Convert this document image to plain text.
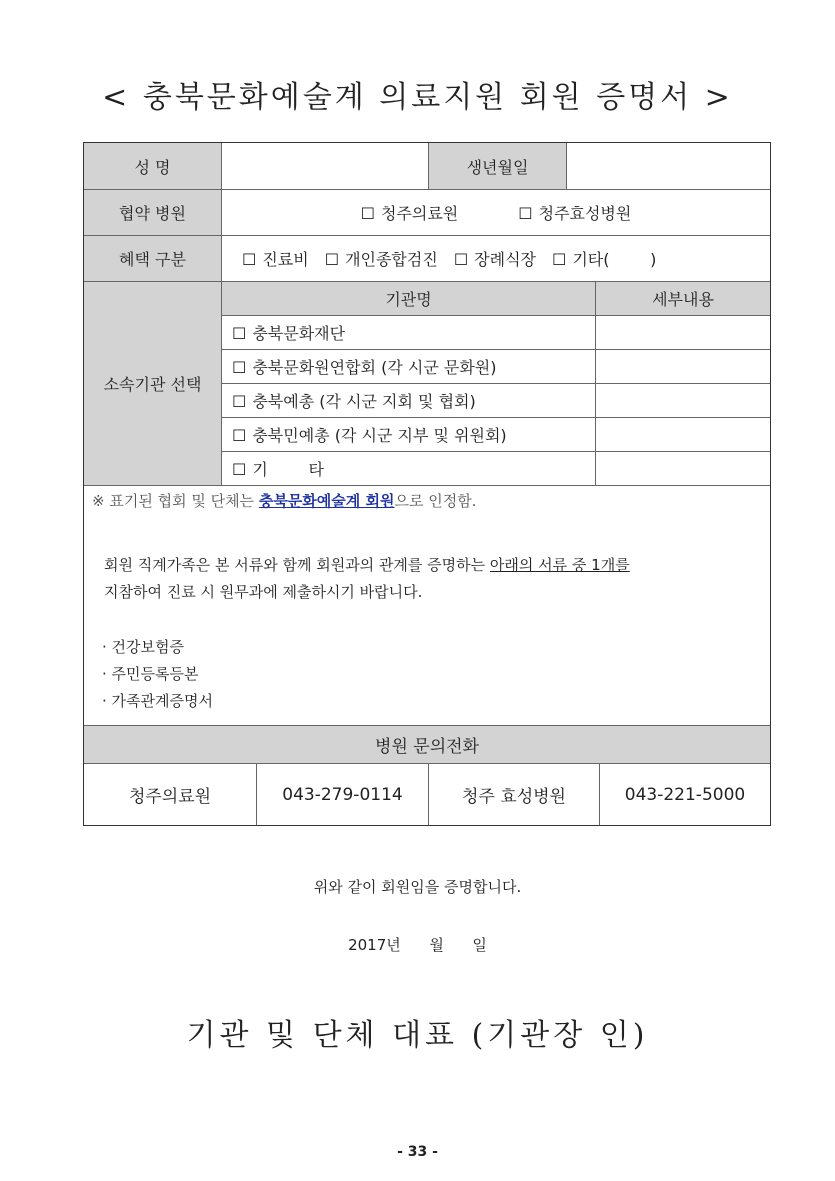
< 충북문화예술계 의료지원 회원 증명서 >
성 명	생년월일
협약 병원	☐ 청주의료원	☐ 청주효성병원
혜택 구분	☐ 진료비	☐ 개인종합검진	☐ 장례식장	☐ 기타(        )
소속기관 선택
기관명	세부내용
☐ 충북문화재단
☐ 충북문화원연합회 (각 시군 문화원)
☐ 충북예총 (각 시군 지회 및 협회)
☐ 충북민예총 (각 시군 지부 및 위원회)
☐ 기        타
※ 표기된 협회 및 단체는 충북문화예술계 회원으로 인정함.
회원 직계가족은 본 서류와 함께 회원과의 관계를 증명하는 아래의 서류 중 1개를
지참하여 진료 시 원무과에 제출하시기 바랍니다.
· 건강보험증
· 주민등록등본
· 가족관계증명서
병원 문의전화
청주의료원	043-279-0114	청주 효성병원	043-221-5000
위와 같이 회원임을 증명합니다.
2017년      월      일
기관 및 단체 대표 (기관장 인)
- 33 -
